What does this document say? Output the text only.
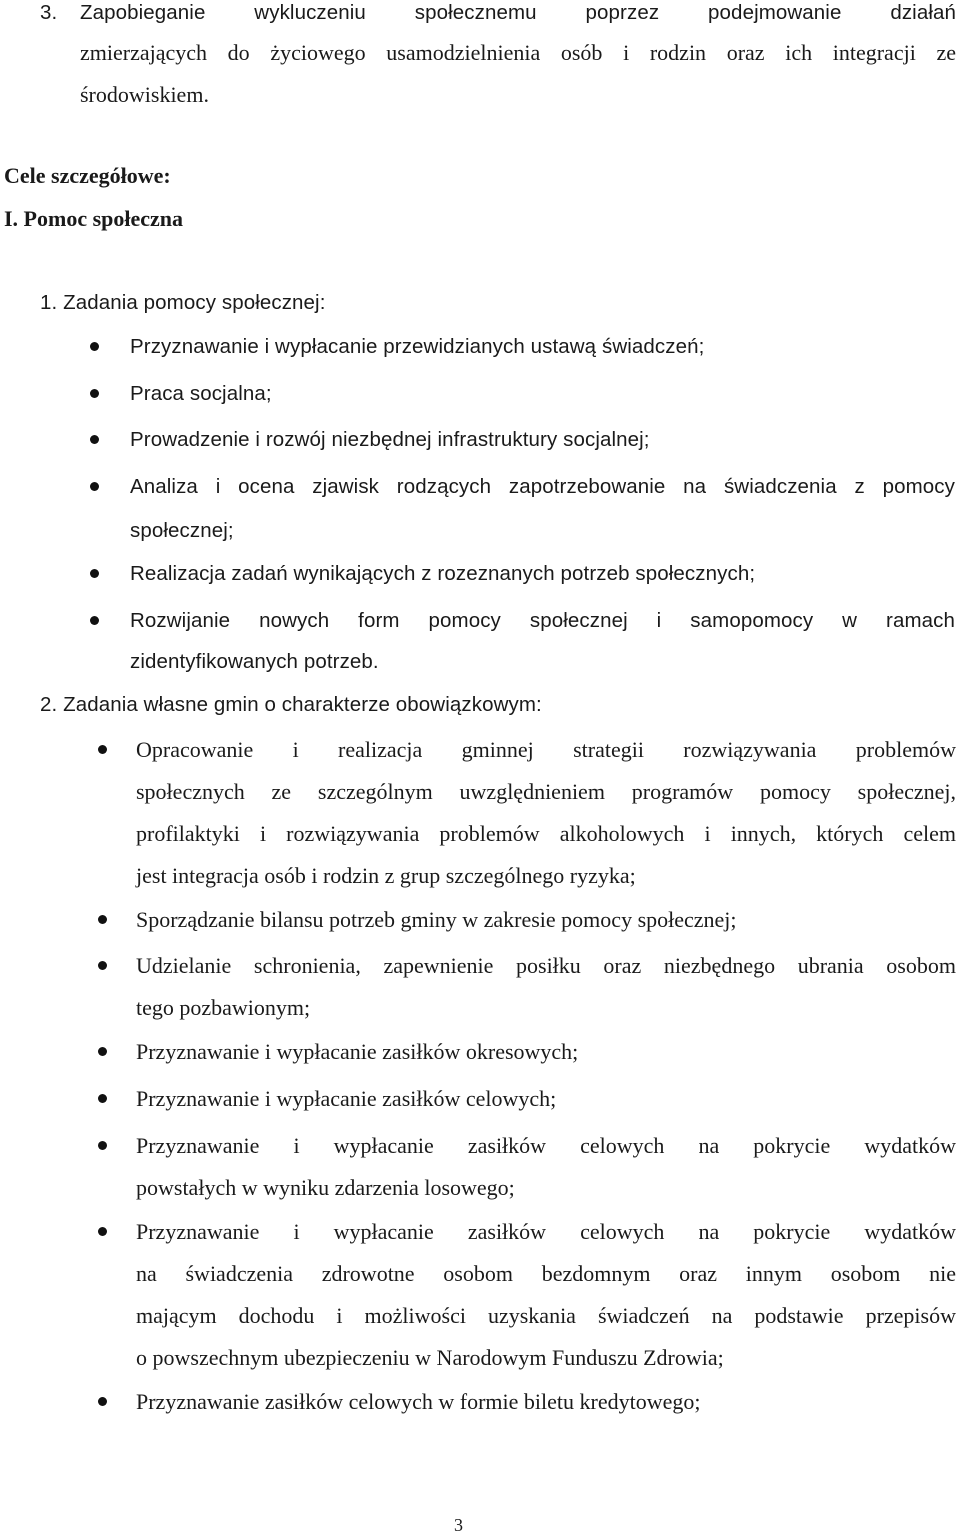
3. Zapobieganie wykluczeniu społecznemu poprzez podejmowanie działań
zmierzających do życiowego usamodzielnienia osób i rodzin oraz ich integracji ze
środowiskiem.
Cele szczegółowe:
I. Pomoc społeczna
1. Zadania pomocy społecznej:
Przyznawanie i wypłacanie przewidzianych ustawą świadczeń;
Praca socjalna;
Prowadzenie i rozwój niezbędnej infrastruktury socjalnej;
Analiza i ocena zjawisk rodzących zapotrzebowanie na świadczenia z pomocy
społecznej;
Realizacja zadań wynikających z rozeznanych potrzeb społecznych;
Rozwijanie nowych form pomocy społecznej i samopomocy w ramach
zidentyfikowanych potrzeb.
2. Zadania własne gmin o charakterze obowiązkowym:
Opracowanie i realizacja gminnej strategii rozwiązywania problemów
społecznych ze szczególnym uwzględnieniem programów pomocy społecznej,
profilaktyki i rozwiązywania problemów alkoholowych i innych, których celem
jest integracja osób i rodzin z grup szczególnego ryzyka;
Sporządzanie bilansu potrzeb gminy w zakresie pomocy społecznej;
Udzielanie schronienia, zapewnienie posiłku oraz niezbędnego ubrania osobom
tego pozbawionym;
Przyznawanie i wypłacanie zasiłków okresowych;
Przyznawanie i wypłacanie zasiłków celowych;
Przyznawanie i wypłacanie zasiłków celowych na pokrycie wydatków
powstałych w wyniku zdarzenia losowego;
Przyznawanie i wypłacanie zasiłków celowych na pokrycie wydatków
na świadczenia zdrowotne osobom bezdomnym oraz innym osobom nie
mającym dochodu i możliwości uzyskania świadczeń na podstawie przepisów
o powszechnym ubezpieczeniu w Narodowym Funduszu Zdrowia;
Przyznawanie zasiłków celowych w formie biletu kredytowego;
3
